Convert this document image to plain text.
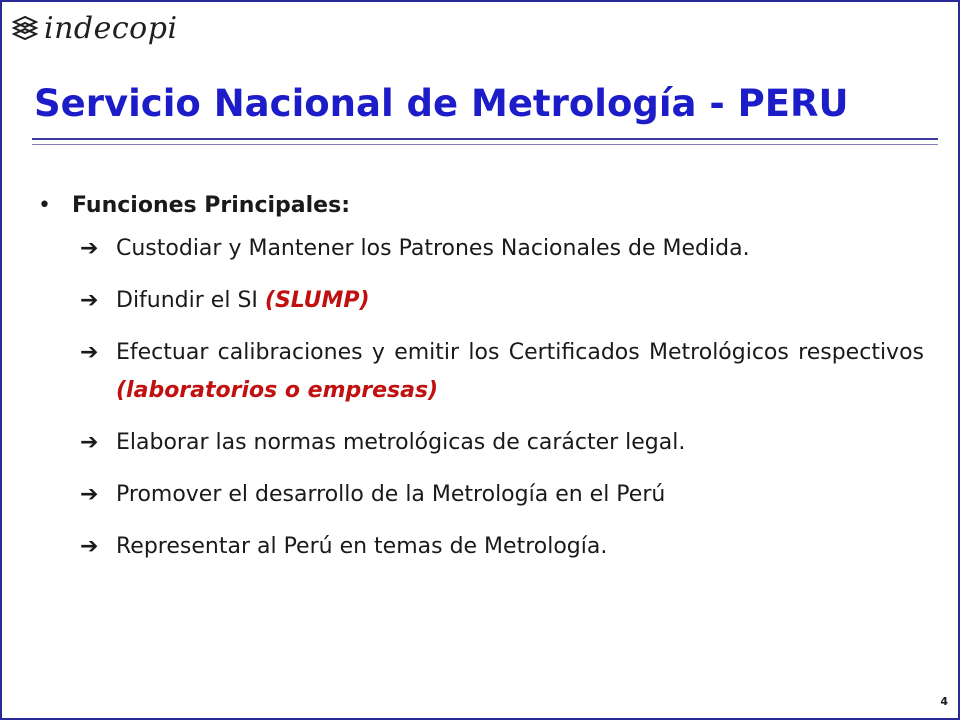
indecopi
Servicio Nacional de Metrología - PERU
• Funciones Principales:
➔ Custodiar y Mantener los Patrones Nacionales de Medida.
➔ Difundir el SI (SLUMP)
➔ Efectuar calibraciones y emitir los Certificados Metrológicos respectivos (laboratorios o empresas)
➔ Elaborar las normas metrológicas de carácter legal.
➔ Promover el desarrollo de la Metrología en el Perú
➔ Representar al Perú en temas de Metrología.
4
